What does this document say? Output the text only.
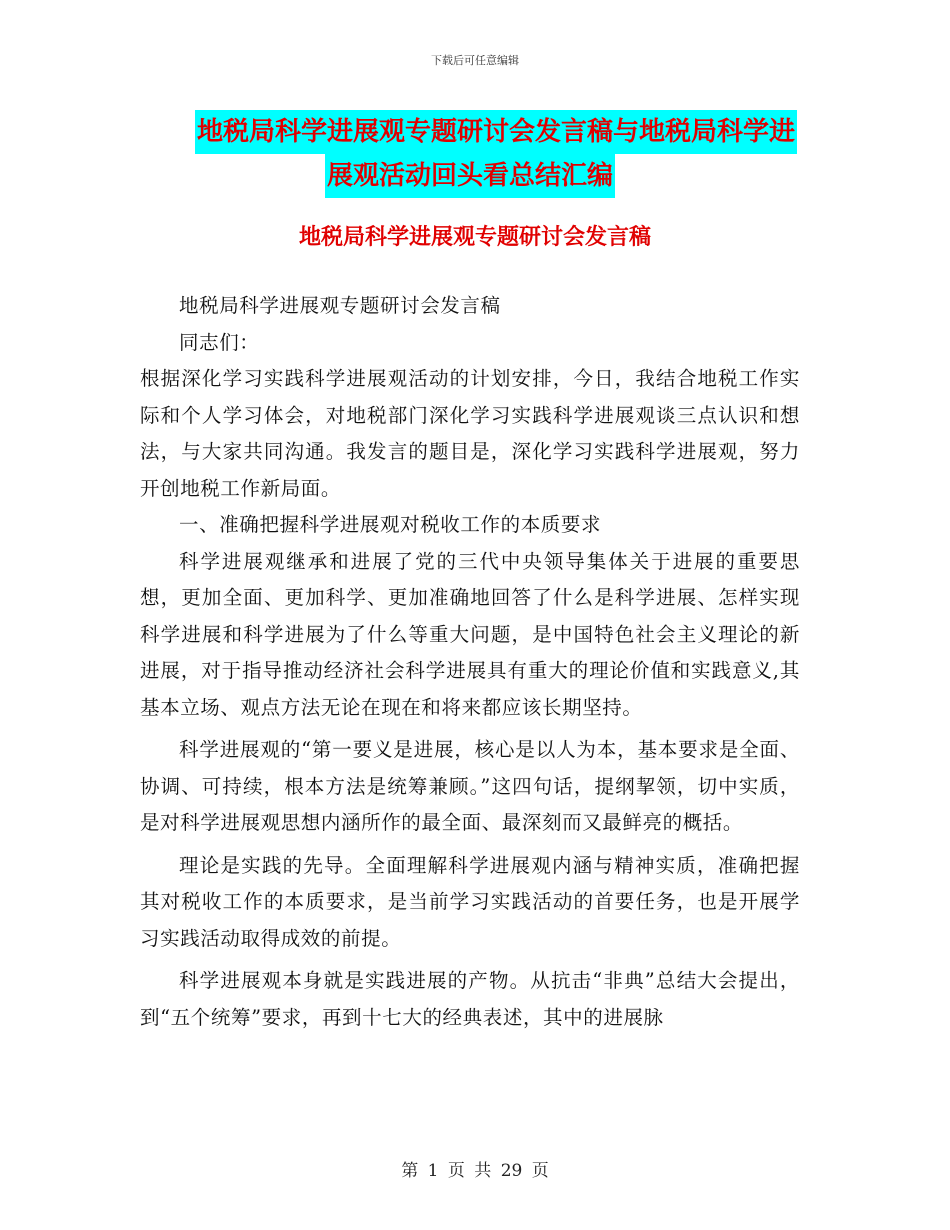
下载后可任意编辑
地税局科学进展观专题研讨会发言稿与地税局科学进
展观活动回头看总结汇编
地税局科学进展观专题研讨会发言稿

地税局科学进展观专题研讨会发言稿

同志们：

根据深化学习实践科学进展观活动的计划安排，今日，我结合地税工作实际和个人学习体会，对地税部门深化学习实践科学进展观谈三点认识和想法，与大家共同沟通。我发言的题目是，深化学习实践科学进展观，努力开创地税工作新局面。

一、准确把握科学进展观对税收工作的本质要求

科学进展观继承和进展了党的三代中央领导集体关于进展的重要思想，更加全面、更加科学、更加准确地回答了什么是科学进展、怎样实现科学进展和科学进展为了什么等重大问题，是中国特色社会主义理论的新进展，对于指导推动经济社会科学进展具有重大的理论价值和实践意义,其基本立场、观点方法无论在现在和将来都应该长期坚持。

科学进展观的“第一要义是进展，核心是以人为本，基本要求是全面、协调、可持续，根本方法是统筹兼顾。”这四句话，提纲挈领，切中实质，是对科学进展观思想内涵所作的最全面、最深刻而又最鲜亮的概括。

理论是实践的先导。全面理解科学进展观内涵与精神实质，准确把握其对税收工作的本质要求，是当前学习实践活动的首要任务，也是开展学习实践活动取得成效的前提。

科学进展观本身就是实践进展的产物。从抗击“非典”总结大会提出，到“五个统筹”要求，再到十七大的经典表述，其中的进展脉

第 1 页 共 29 页
